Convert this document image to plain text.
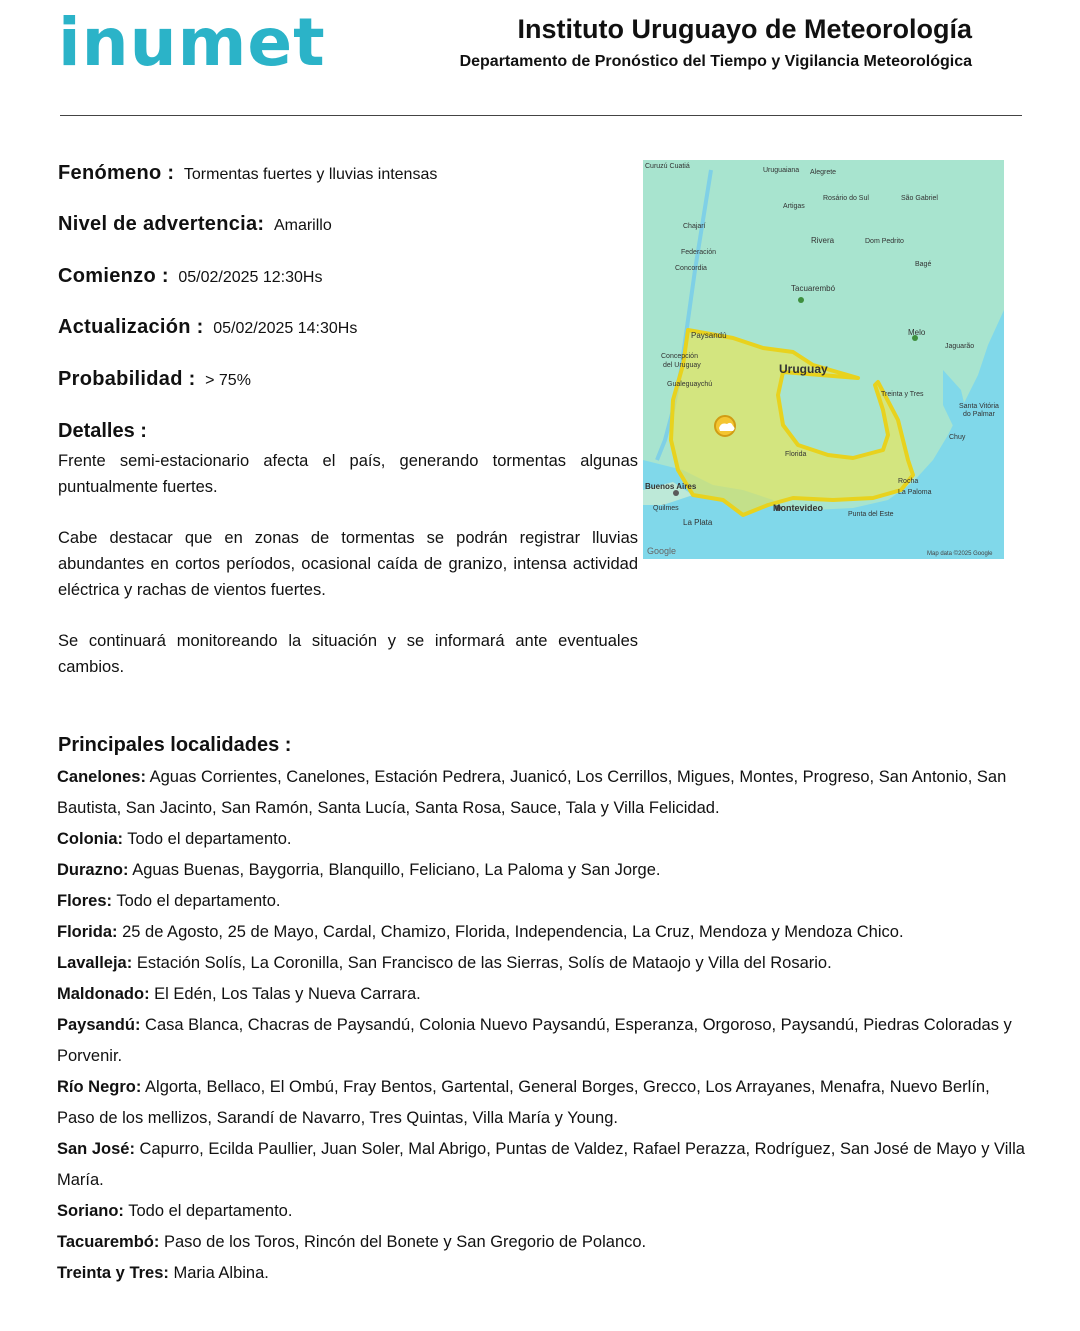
inumet	Instituto Uruguayo de Meteorología
Departamento de Pronóstico del Tiempo y Vigilancia Meteorológica
Fenómeno : Tormentas fuertes y lluvias intensas
Nivel de advertencia: Amarillo
Comienzo : 05/02/2025 12:30Hs
Actualización : 05/02/2025 14:30Hs
Probabilidad : > 75%
Detalles :
Frente semi-estacionario afecta el país, generando tormentas algunas puntualmente fuertes.
Cabe destacar que en zonas de tormentas se podrán registrar lluvias abundantes en cortos períodos, ocasional caída de granizo, intensa actividad eléctrica y rachas de vientos fuertes.
Se continuará monitoreando la situación y se informará ante eventuales cambios.
Uruguay
Montevideo
Buenos Aires
La Plata
Quilmes
Paysandú
Uruguaiana
Curuzú Cuatiá
Alegrete
Rosário do Sul	São Gabriel
Artigas
Chajarí
Federación
Concordia
Rivera	Dom Pedrito
Bagé
Tacuarembó
Melo
Jaguarão
Concepción
del Uruguay
Gualeguaychú
Treinta y Tres
Santa Vitória
do Palmar
Chuy
Florida
Rocha
La Paloma
Punta del Este
Google	Map data ©2025 Google
Principales localidades :

Canelones: Aguas Corrientes, Canelones, Estación Pedrera, Juanicó, Los Cerrillos, Migues, Montes, Progreso, San Antonio, San Bautista, San Jacinto, San Ramón, Santa Lucía, Santa Rosa, Sauce, Tala y Villa Felicidad.

Colonia: Todo el departamento.

Durazno: Aguas Buenas, Baygorria, Blanquillo, Feliciano, La Paloma y San Jorge.

Flores: Todo el departamento.

Florida: 25 de Agosto, 25 de Mayo, Cardal, Chamizo, Florida, Independencia, La Cruz, Mendoza y Mendoza Chico.

Lavalleja: Estación Solís, La Coronilla, San Francisco de las Sierras, Solís de Mataojo y Villa del Rosario.

Maldonado: El Edén, Los Talas y Nueva Carrara.

Paysandú: Casa Blanca, Chacras de Paysandú, Colonia Nuevo Paysandú, Esperanza, Orgoroso, Paysandú, Piedras Coloradas y Porvenir.

Río Negro: Algorta, Bellaco, El Ombú, Fray Bentos, Gartental, General Borges, Grecco, Los Arrayanes, Menafra, Nuevo Berlín, Paso de los mellizos, Sarandí de Navarro, Tres Quintas, Villa María y Young.

San José: Capurro, Ecilda Paullier, Juan Soler, Mal Abrigo, Puntas de Valdez, Rafael Perazza, Rodríguez, San José de Mayo y Villa María.

Soriano: Todo el departamento.

Tacuarembó: Paso de los Toros, Rincón del Bonete y San Gregorio de Polanco.

Treinta y Tres: Maria Albina.
